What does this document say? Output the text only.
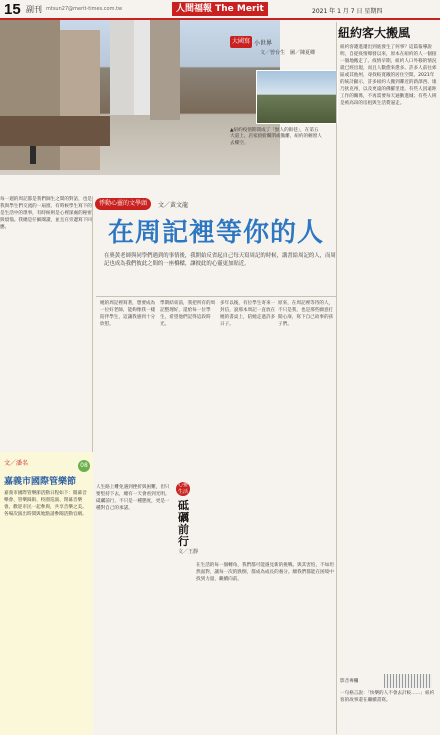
15 副刊 mtsun27@merit-times.com.tw	人間福報 The Merit	2021 年 1 月 7 日 星期四
大國寫 小世界
文／曾台生　圖／陳夏卿
▲紐約疫情期間成了「無人的街巷」，在第五大道上，店家紛紛關閉或撤離，紐約的櫥窗人去樓空。
紐約客大搬風
紐約客遷進遷出到底發生了何事？這篇報導說明，自從疫情爆發以來，原本在紐約的人一個接一個地搬走了。疫情早期，紐約人口外移的情況就已經出現，而且人數愈來愈多。許多人前往郊區或其他州，尋找較寬敞的居住空間。2021年的統計顯示，許多紐約人搬到鄰近的新澤西、康乃狄克州，以及更遠的佛羅里達。有些人因遠距工作的關係，不再需要每天通勤進城；有些人則是被高昂的房租與生活費逼走。
影音專欄
一句格言說：「快樂的人不會去計較……」紐約客的故事還在繼續書寫。
悸動心靈的文學頭	文／黃文龍
在周記裡等你的人
在奧黃老師與同學們遇到的事情後，我開始反省起自己每天寫周記的時候，講書給周記的人，而周記也成為我們彼此之間的一座橋樑，讓彼此的心靈更加貼近。
每一週的周記都是我們師生之間的對話，也是我與學生們交流的一扇窗。有時候學生寫下的是生活中的瑣事，有時候則是心裡深處的秘密與煩惱。我總是仔細閱讀，並且在旁邊寫下回應。
她的周記裡寫著，想要成為一位好老師，能夠像我一樣陪伴學生，這讓我感到十分欣慰。
學期結束前，我把所有的周記整理好，還給每一位學生，希望他們記得這段時光。
多年以後，有位學生寄來一封信，說那本周記一直放在她的書桌上，陪她走過許多日子。
原來，在周記裡等待的人，不只是我，也是那些願意打開心扉，寫下自己故事的孩子們。
文／潘名	08
嘉義市國際管樂節
嘉義市國際管樂節活動日程如下：開幕音樂會、管樂踩街、校園巡演、閉幕音樂會。歡迎市民一起參與，共享音樂之美。各場次演出時間與地點請參閱活動官網。
心靈生活
砥礪前行
文／王靜
人生路上難免遇到挫折與困難，但只要堅持下去，總有一天會看到光明。砥礪前行，不只是一種態度，更是一種對自己的承諾。
在生活的每一個轉角，我們都可能遇見新的挑戰。與其害怕，不如坦然面對，讓每一次的跌倒，都成為成長的養分。願我們都能在困境中找到力量，繼續向前。
